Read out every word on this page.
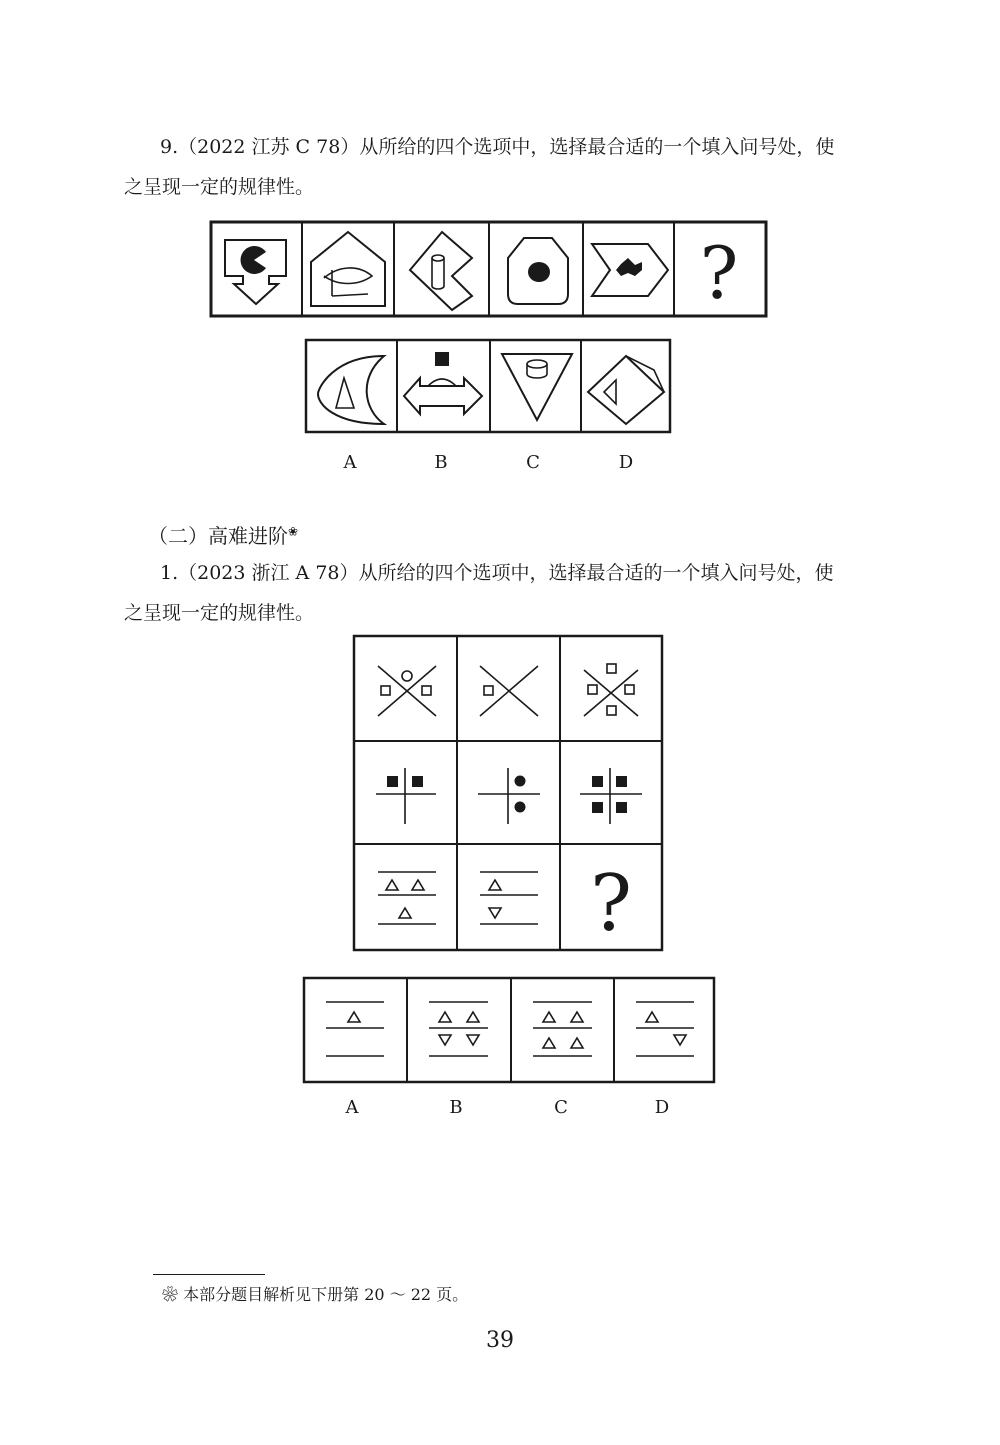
9.（2022 江苏 C 78）从所给的四个选项中，选择最合适的一个填入问号处，使
之呈现一定的规律性。
?
A	B	C	D
（二）高难进阶❀
1.（2023 浙江 A 78）从所给的四个选项中，选择最合适的一个填入问号处，使
之呈现一定的规律性。
?
A	B	C	D
❀ 本部分题目解析见下册第 20 ～ 22 页。
39
